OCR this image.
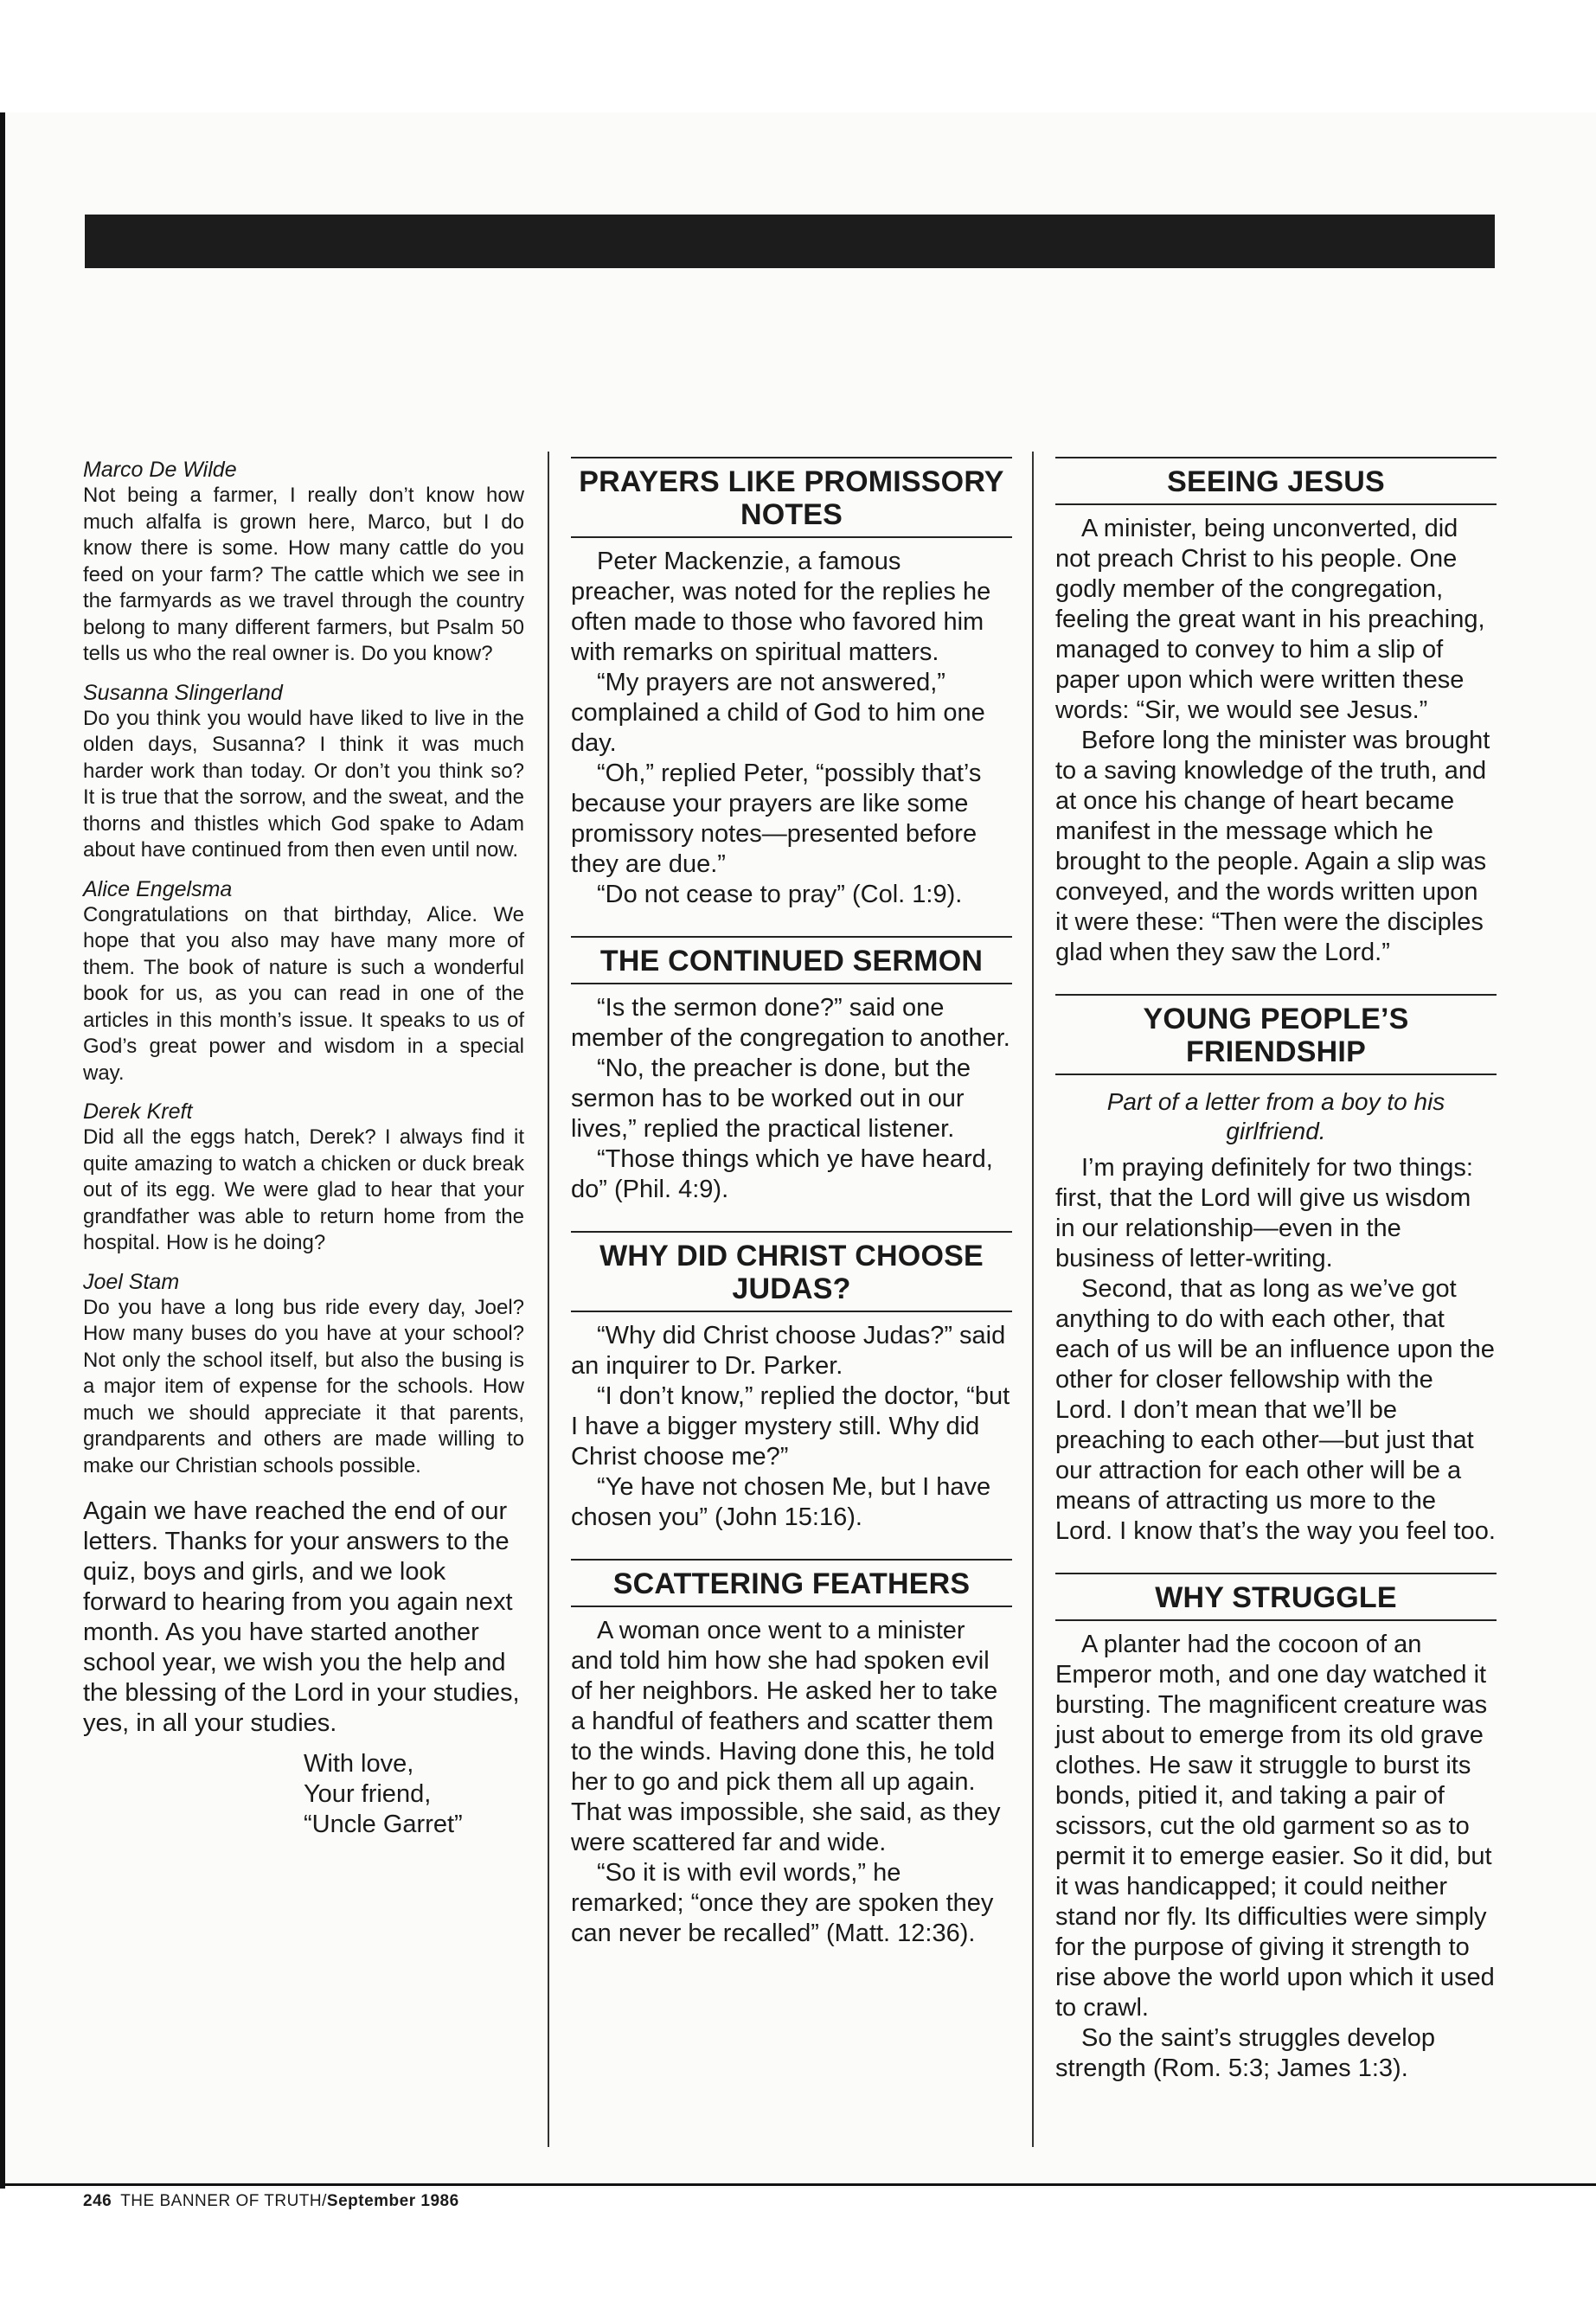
Marco De Wilde
Not being a farmer, I really don’t know how much alfalfa is grown here, Marco, but I do know there is some. How many cattle do you feed on your farm? The cattle which we see in the farmyards as we travel through the country belong to many different farmers, but Psalm 50 tells us who the real owner is. Do you know?
Susanna Slingerland
Do you think you would have liked to live in the olden days, Susanna? I think it was much harder work than today. Or don’t you think so? It is true that the sorrow, and the sweat, and the thorns and thistles which God spake to Adam about have continued from then even until now.
Alice Engelsma
Congratulations on that birthday, Alice. We hope that you also may have many more of them. The book of nature is such a wonderful book for us, as you can read in one of the articles in this month’s issue. It speaks to us of God’s great power and wisdom in a special way.
Derek Kreft
Did all the eggs hatch, Derek? I always find it quite amazing to watch a chicken or duck break out of its egg. We were glad to hear that your grandfather was able to return home from the hospital. How is he doing?
Joel Stam
Do you have a long bus ride every day, Joel? How many buses do you have at your school? Not only the school itself, but also the busing is a major item of expense for the schools. How much we should appreciate it that parents, grandparents and others are made willing to make our Christian schools possible.
Again we have reached the end of our letters. Thanks for your answers to the quiz, boys and girls, and we look forward to hearing from you again next month. As you have started another school year, we wish you the help and the blessing of the Lord in your studies, yes, in all your studies.
With love,
Your friend,
“Uncle Garret”
PRAYERS LIKE PROMISSORY NOTES

Peter Mackenzie, a famous preacher, was noted for the replies he often made to those who favored him with remarks on spiritual matters.

“My prayers are not answered,” complained a child of God to him one day.

“Oh,” replied Peter, “possibly that’s because your prayers are like some promissory notes—presented before they are due.”

“Do not cease to pray” (Col. 1:9).

THE CONTINUED SERMON

“Is the sermon done?” said one member of the congregation to another.

“No, the preacher is done, but the sermon has to be worked out in our lives,” replied the practical listener.

“Those things which ye have heard, do” (Phil. 4:9).

WHY DID CHRIST CHOOSE JUDAS?

“Why did Christ choose Judas?” said an inquirer to Dr. Parker.

“I don’t know,” replied the doctor, “but I have a bigger mystery still. Why did Christ choose me?”

“Ye have not chosen Me, but I have chosen you” (John 15:16).

SCATTERING FEATHERS

A woman once went to a minister and told him how she had spoken evil of her neighbors. He asked her to take a handful of feathers and scatter them to the winds. Having done this, he told her to go and pick them all up again. That was impossible, she said, as they were scattered far and wide.

“So it is with evil words,” he remarked; “once they are spoken they can never be recalled” (Matt. 12:36).

SEEING JESUS

A minister, being unconverted, did not preach Christ to his people. One godly member of the congregation, feeling the great want in his preaching, managed to convey to him a slip of paper upon which were written these words: “Sir, we would see Jesus.”

Before long the minister was brought to a saving knowledge of the truth, and at once his change of heart became manifest in the message which he brought to the people. Again a slip was conveyed, and the words written upon it were these: “Then were the disciples glad when they saw the Lord.”

YOUNG PEOPLE’S FRIENDSHIP
Part of a letter from a boy to his girlfriend.

I’m praying definitely for two things: first, that the Lord will give us wisdom in our relationship—even in the business of letter-writing.

Second, that as long as we’ve got anything to do with each other, that each of us will be an influence upon the other for closer fellowship with the Lord. I don’t mean that we’ll be preaching to each other—but just that our attraction for each other will be a means of attracting us more to the Lord. I know that’s the way you feel too.

WHY STRUGGLE

A planter had the cocoon of an Emperor moth, and one day watched it bursting. The magnificent creature was just about to emerge from its old grave clothes. He saw it struggle to burst its bonds, pitied it, and taking a pair of scissors, cut the old garment so as to permit it to emerge easier. So it did, but it was handicapped; it could neither stand nor fly. Its difficulties were simply for the purpose of giving it strength to rise above the world upon which it used to crawl.

So the saint’s struggles develop strength (Rom. 5:3; James 1:3).

246 THE BANNER OF TRUTH/September 1986
